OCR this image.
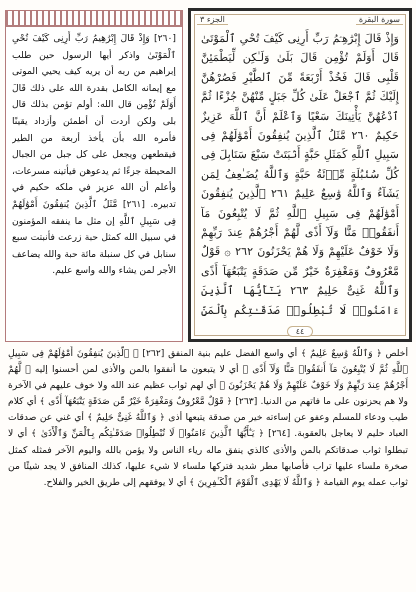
سورة البقرة
الجزء ٣
وَإِذْ قَالَ إِبْرَٰهِـۧمُ رَبِّ أَرِنِى كَيْفَ تُحْىِ ٱلْمَوْتَىٰ قَالَ أَوَلَمْ تُؤْمِن قَالَ بَلَىٰ وَلَـٰكِن لِّيَطْمَئِنَّ قَلْبِى قَالَ فَخُذْ أَرْبَعَةً مِّنَ ٱلطَّيْرِ فَصُرْهُنَّ إِلَيْكَ ثُمَّ ٱجْعَلْ عَلَىٰ كُلِّ جَبَلٍ مِّنْهُنَّ جُزْءًا ثُمَّ ٱدْعُهُنَّ يَأْتِينَكَ سَعْيًا وَٱعْلَمْ أَنَّ ٱللَّهَ عَزِيزٌ حَكِيمٌ ٢٦٠ مَّثَلُ ٱلَّذِينَ يُنفِقُونَ أَمْوَٰلَهُمْ فِى سَبِيلِ ٱللَّهِ كَمَثَلِ حَبَّةٍ أَنۢبَتَتْ سَبْعَ سَنَابِلَ فِى كُلِّ سُنۢبُلَةٍ مِّا۟ئَةُ حَبَّةٍ وَٱللَّهُ يُضَـٰعِفُ لِمَن يَشَآءُ وَٱللَّهُ وَٰسِعٌ عَلِيمٌ ٢٦١ ٱلَّذِينَ يُنفِقُونَ أَمْوَٰلَهُمْ فِى سَبِيلِ ٱللَّهِ ثُمَّ لَا يُتْبِعُونَ مَآ أَنفَقُوا۟ مَنًّا وَلَآ أَذًى لَّهُمْ أَجْرُهُمْ عِندَ رَبِّهِمْ وَلَا خَوْفٌ عَلَيْهِمْ وَلَا هُمْ يَحْزَنُونَ ٢٦٢ ۞ قَوْلٌ مَّعْرُوفٌ وَمَغْفِرَةٌ خَيْرٌ مِّن صَدَقَةٍ يَتْبَعُهَآ أَذًى وَٱللَّهُ غَنِىٌّ حَلِيمٌ ٢٦٣ يَـٰٓأَيُّهَا ٱلَّذِينَ ءَامَنُوا۟ لَا تُبْطِلُوا۟ صَدَقَـٰتِكُم بِٱلْمَنِّ
٤٤
[٢٦٠] وَإِذْ قَالَ إِبْرَٰهِيمُ رَبِّ أَرِنِى كَيْفَ تُحْىِ ٱلْمَوْتَىٰ واذكر أيها الرسول حين طلب إبراهيم من ربه أن يريه كيف يحيي الموتى مع إيمانه الكامل بقدرة الله على ذلك قَالَ أَوَلَمْ تُؤْمِن قال الله: أولم تؤمن بذلك قال بلى ولكن أردت أن أطمئن وأزداد يقينًا فأمره الله بأن يأخذ أربعة من الطير فيقطعهن ويجعل على كل جبل من الجبال المحيطة جزءًا ثم يدعوهن فيأتينه مسرعات، وأعلم أن الله عزيز في ملكه حكيم في تدبيره. [٢٦١] مَّثَلُ ٱلَّذِينَ يُنفِقُونَ أَمْوَٰلَهُمْ فِى سَبِيلِ ٱللَّهِ إن مثل ما ينفقه المؤمنون في سبيل الله كمثل حبة زرعت فأنبتت سبع سنابل في كل سنبلة مائة حبة والله يضاعف الأجر لمن يشاء والله واسع عليم.
أخلص ﴿ وَٱللَّهُ وَٰسِعٌ عَلِيمٌ ﴾ أي واسع الفضل عليم بنية المنفق [٢٦٢] ﴿ ٱلَّذِينَ يُنفِقُونَ أَمْوَٰلَهُمْ فِى سَبِيلِ ٱللَّهِ ثُمَّ لَا يُتْبِعُونَ مَآ أَنفَقُوا۟ مَنًّا وَلَآ أَذًى ﴾ أي لا يتبعون ما أنفقوا بالمن والأذى لمن أحسنوا إليه ﴿ لَّهُمْ أَجْرُهُمْ عِندَ رَبِّهِمْ وَلَا خَوْفٌ عَلَيْهِمْ وَلَا هُمْ يَحْزَنُونَ ﴾ أي لهم ثواب عظيم عند الله ولا خوف عليهم في الآخرة ولا هم يحزنون على ما فاتهم من الدنيا. [٢٦٣] ﴿ قَوْلٌ مَّعْرُوفٌ وَمَغْفِرَةٌ خَيْرٌ مِّن صَدَقَةٍ يَتْبَعُهَآ أَذًى ﴾ أي كلام طيب ودعاء للمسلم وعفو عن إساءته خير من صدقة يتبعها أذى ﴿ وَٱللَّهُ غَنِىٌّ حَلِيمٌ ﴾ أي غني عن صدقات العباد حليم لا يعاجل بالعقوبة. [٢٦٤] ﴿ يَـٰٓأَيُّهَا ٱلَّذِينَ ءَامَنُوا۟ لَا تُبْطِلُوا۟ صَدَقَـٰتِكُم بِٱلْمَنِّ وَٱلْأَذَىٰ ﴾ أي لا تبطلوا ثواب صدقاتكم بالمن والأذى كالذي ينفق ماله رياء الناس ولا يؤمن بالله واليوم الآخر فمثله كمثل صخرة ملساء عليها تراب فأصابها مطر شديد فتركها ملساء لا شيء عليها، كذلك المنافق لا يجد شيئًا من ثواب عمله يوم القيامة ﴿ وَٱللَّهُ لَا يَهْدِى ٱلْقَوْمَ ٱلْكَـٰفِرِينَ ﴾ أي لا يوفقهم إلى طريق الخير والفلاح.
